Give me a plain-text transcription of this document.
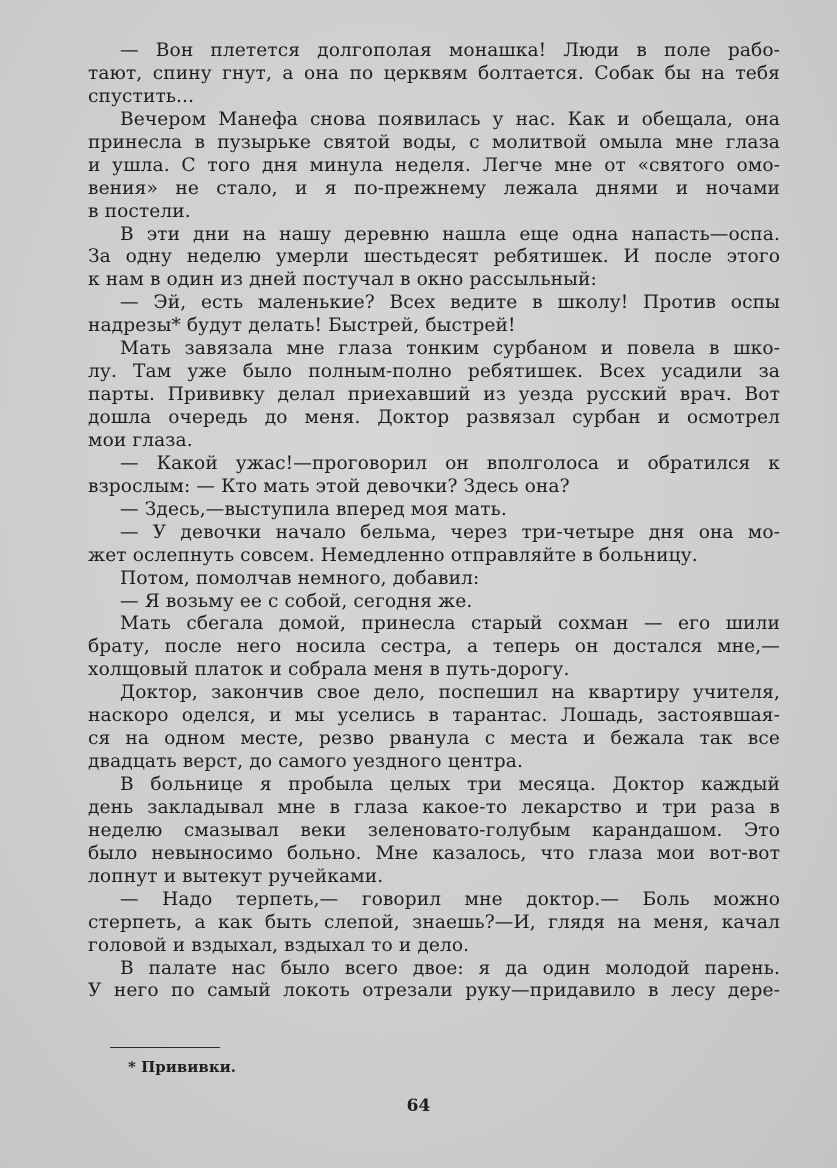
— Вон плетется долгополая монашка! Люди в поле рабо-
тают, спину гнут, а она по церквям болтается. Собак бы на тебя
спустить...
Вечером Манефа снова появилась у нас. Как и обещала, она
принесла в пузырьке святой воды, с молитвой омыла мне глаза
и ушла. С того дня минула неделя. Легче мне от «святого омо-
вения» не стало, и я по-прежнему лежала днями и ночами
в постели.
В эти дни на нашу деревню нашла еще одна напасть—оспа.
За одну неделю умерли шестьдесят ребятишек. И после этого
к нам в один из дней постучал в окно рассыльный:
— Эй, есть маленькие? Всех ведите в школу! Против оспы
надрезы* будут делать! Быстрей, быстрей!
Мать завязала мне глаза тонким сурбаном и повела в шко-
лу. Там уже было полным-полно ребятишек. Всех усадили за
парты. Прививку делал приехавший из уезда русский врач. Вот
дошла очередь до меня. Доктор развязал сурбан и осмотрел
мои глаза.
— Какой ужас!—проговорил он вполголоса и обратился к
взрослым: — Кто мать этой девочки? Здесь она?
— Здесь,—выступила вперед моя мать.
— У девочки начало бельма, через три-четыре дня она мо-
жет ослепнуть совсем. Немедленно отправляйте в больницу.
Потом, помолчав немного, добавил:
— Я возьму ее с собой, сегодня же.
Мать сбегала домой, принесла старый сохман — его шили
брату, после него носила сестра, а теперь он достался мне,—
холщовый платок и собрала меня в путь-дорогу.
Доктор, закончив свое дело, поспешил на квартиру учителя,
наскоро оделся, и мы уселись в тарантас. Лошадь, застоявшая-
ся на одном месте, резво рванула с места и бежала так все
двадцать верст, до самого уездного центра.
В больнице я пробыла целых три месяца. Доктор каждый
день закладывал мне в глаза какое-то лекарство и три раза в
неделю смазывал веки зеленовато-голубым карандашом. Это
было невыносимо больно. Мне казалось, что глаза мои вот-вот
лопнут и вытекут ручейками.
— Надо терпеть,— говорил мне доктор.— Боль можно
стерпеть, а как быть слепой, знаешь?—И, глядя на меня, качал
головой и вздыхал, вздыхал то и дело.
В палате нас было всего двое: я да один молодой парень.
У него по самый локоть отрезали руку—придавило в лесу дере-
* Прививки.
64
